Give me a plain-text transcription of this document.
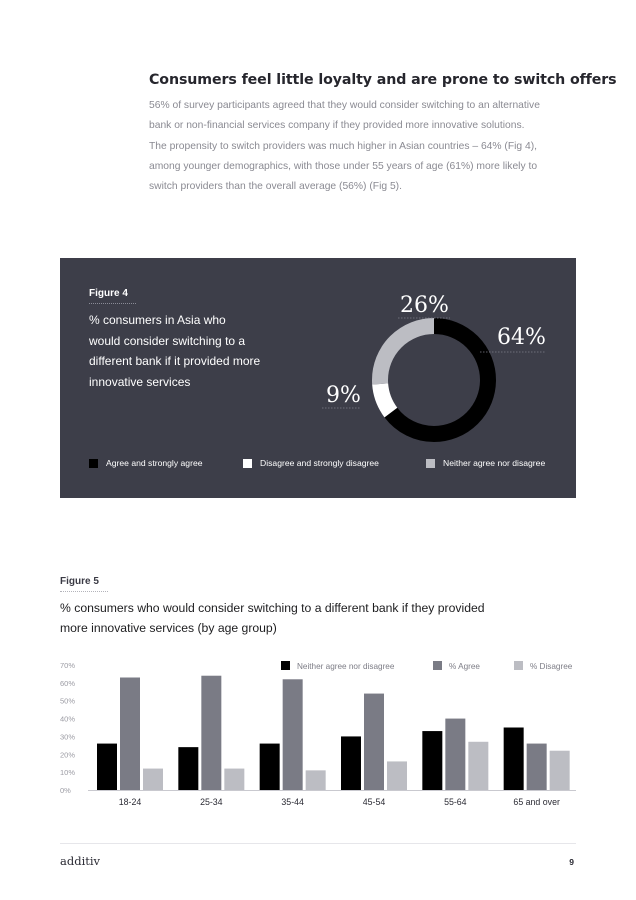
Consumers feel little loyalty and are prone to switch offers
56% of survey participants agreed that they would consider switching to an alternative
bank or non-financial services company if they provided more innovative solutions.
The propensity to switch providers was much higher in Asian countries – 64% (Fig 4),
among younger demographics, with those under 55 years of age (61%) more likely to
switch providers than the overall average (56%) (Fig 5).

Figure 4

% consumers in Asia who
would consider switching to a
different bank if it provided more
innovative services
64%
9%
26%
Agree and strongly agree	Disagree and strongly disagree	Neither agree nor disagree

Figure 5

% consumers who would consider switching to a different bank if they provided
more innovative services (by age group)
0%
10%
20%
30%
40%
50%
60%
70%
18-24	25-34	35-44	45-54	55-64	65 and over
Neither agree nor disagree	% Agree	% Disagree

additiv	9
